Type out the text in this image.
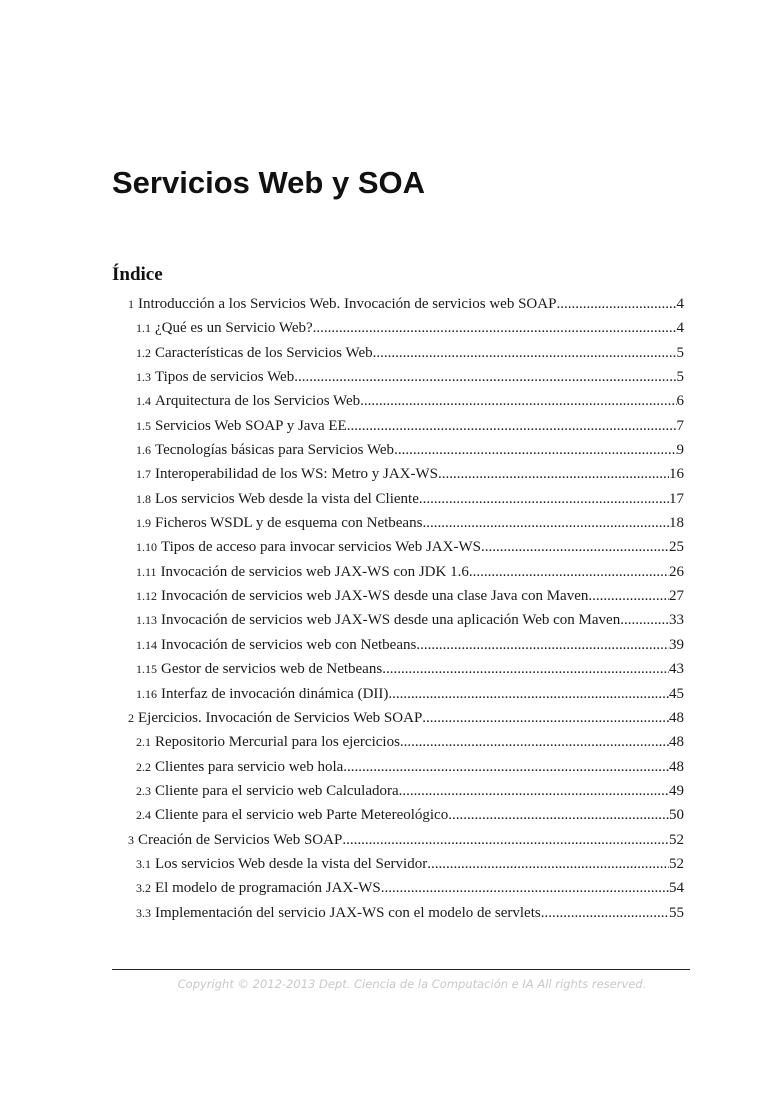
Servicios Web y SOA
Índice
1 Introducción a los Servicios Web. Invocación de servicios web SOAP .....	4
1.1 ¿Qué es un Servicio Web? .....	4
1.2 Características de los Servicios Web .....	5
1.3 Tipos de servicios Web .....	5
1.4 Arquitectura de los Servicios Web .....	6
1.5 Servicios Web SOAP y Java EE .....	7
1.6 Tecnologías básicas para Servicios Web .....	9
1.7 Interoperabilidad de los WS: Metro y JAX-WS .....	16
1.8 Los servicios Web desde la vista del Cliente .....	17
1.9 Ficheros WSDL y de esquema con Netbeans .....	18
1.10 Tipos de acceso para invocar servicios Web JAX-WS .....	25
1.11 Invocación de servicios web JAX-WS con JDK 1.6 .....	26
1.12 Invocación de servicios web JAX-WS desde una clase Java con Maven .....	27
1.13 Invocación de servicios web JAX-WS desde una aplicación Web con Maven .....	33
1.14 Invocación de servicios web con Netbeans .....	39
1.15 Gestor de servicios web de Netbeans .....	43
1.16 Interfaz de invocación dinámica (DII) .....	45
2 Ejercicios. Invocación de Servicios Web SOAP .....	48
2.1 Repositorio Mercurial para los ejercicios .....	48
2.2 Clientes para servicio web hola .....	48
2.3 Cliente para el servicio web Calculadora .....	49
2.4 Cliente para el servicio web Parte Metereológico .....	50
3 Creación de Servicios Web SOAP .....	52
3.1 Los servicios Web desde la vista del Servidor .....	52
3.2 El modelo de programación JAX-WS .....	54
3.3 Implementación del servicio JAX-WS con el modelo de servlets .....	55
Copyright © 2012-2013 Dept. Ciencia de la Computación e IA All rights reserved.
